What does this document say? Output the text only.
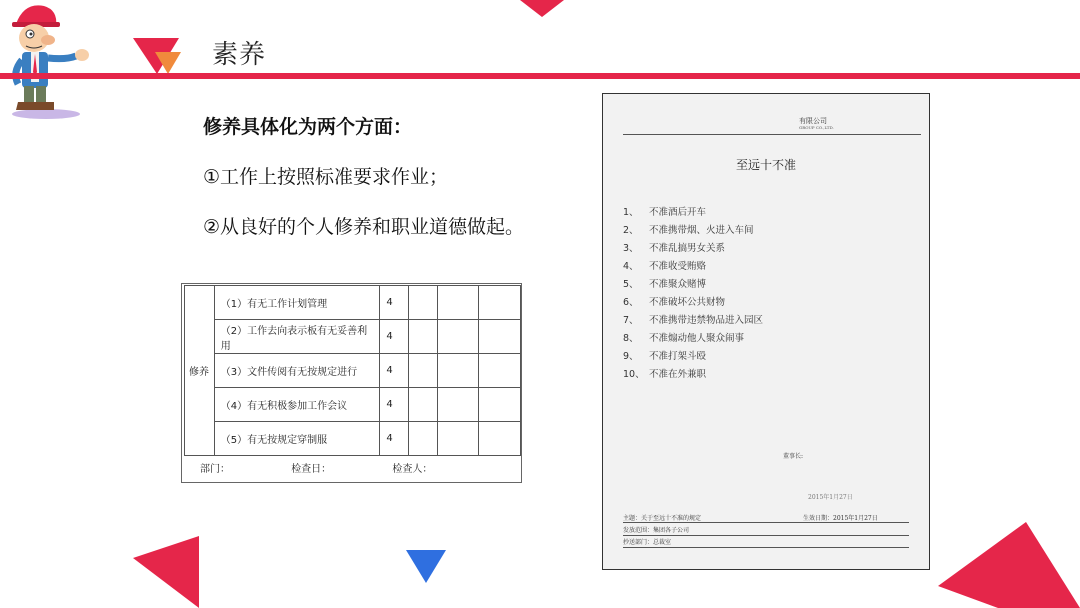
素养
修养具体化为两个方面：
①工作上按照标准要求作业；
②从良好的个人修养和职业道德做起。
修养	（1）有无工作计划管理	4			
	（2）工作去向表示板有无妥善利用	4			
	（3）文件传阅有无按规定进行	4			
	（4）有无积极参加工作会议	4			
	（5）有无按规定穿制服	4			
部门：	检查日：	检查人：
有限公司
GROUP CO.,LTD.
至远十不准
1、 不准酒后开车
2、 不准携带烟、火进入车间
3、 不准乱搞男女关系
4、 不准收受贿赂
5、 不准聚众赌博
6、 不准破坏公共财物
7、 不准携带违禁物品进入园区
8、 不准煽动他人聚众闹事
9、 不准打架斗殴
10、 不准在外兼职
董事长:
2015年1月27日
主题：关于至远十不准的规定	生效日期：2015年1月27日
发放范围：集团各子公司
抄送部门：总裁室
